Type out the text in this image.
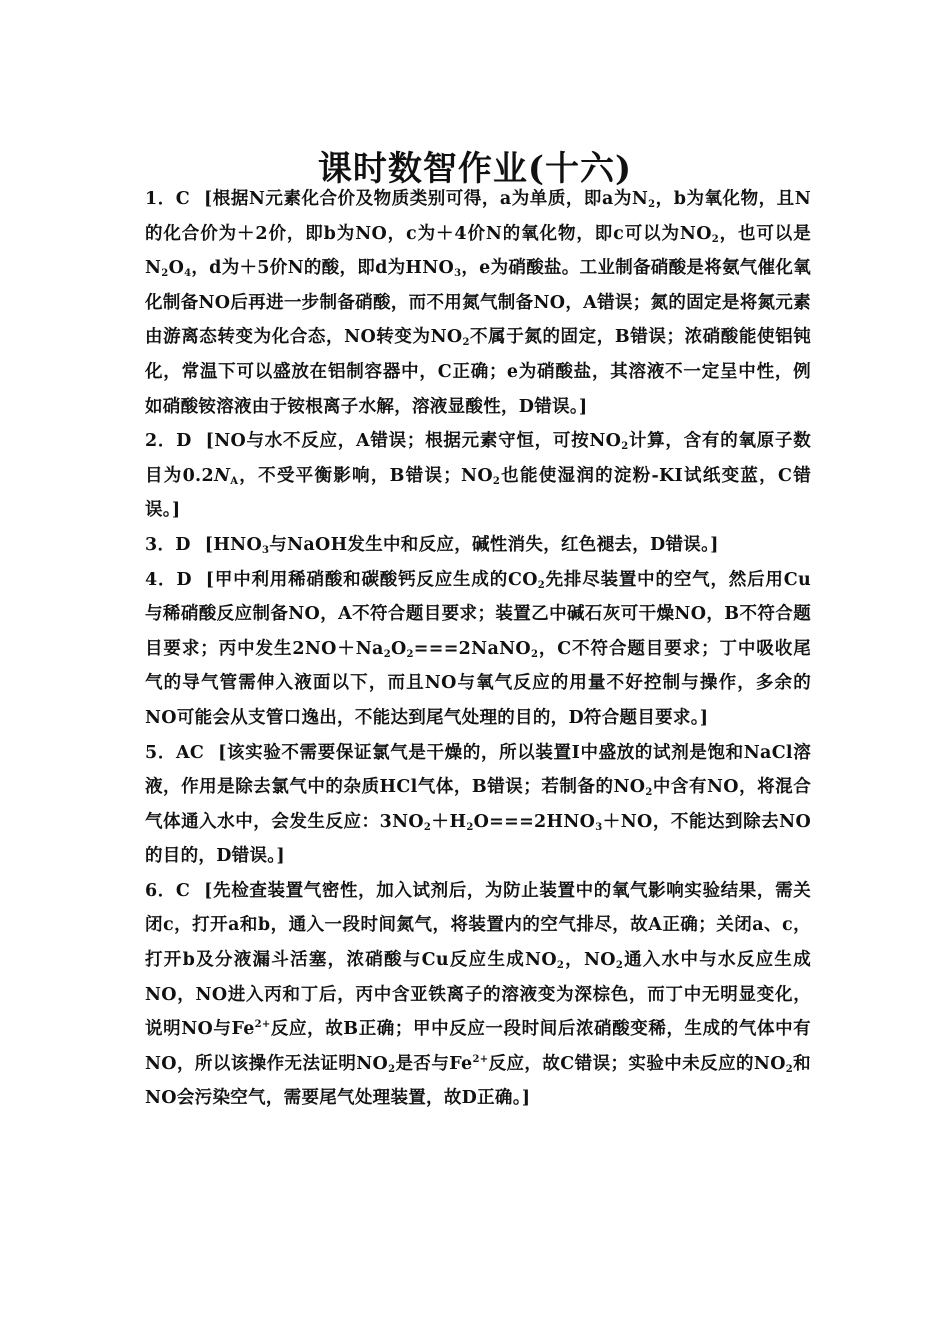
课时数智作业(十六)

1．C [根据N元素化合价及物质类别可得，a为单质，即a为$N_2$，b为氧化物，且N的化合价为＋2价，即b为NO，c为＋4价N的氧化物，即c可以为$NO_2$，也可以是$N_2O_4$，d为＋5价N的酸，即d为$HNO_3$，e为硝酸盐。工业制备硝酸是将氨气催化氧化制备NO后再进一步制备硝酸，而不用氮气制备NO，A错误；氮的固定是将氮元素由游离态转变为化合态，NO转变为$NO_2$不属于氮的固定，B错误；浓硝酸能使铝钝化，常温下可以盛放在铝制容器中，C正确；e为硝酸盐，其溶液不一定呈中性，例如硝酸铵溶液由于铵根离子水解，溶液显酸性，D错误。]

2．D [NO与水不反应，A错误；根据元素守恒，可按$NO_2$计算，含有的氧原子数目为$0.2N_A$，不受平衡影响，B错误；$NO_2$也能使湿润的淀粉-KI试纸变蓝，C错误。]

3．D [$HNO_3$与NaOH发生中和反应，碱性消失，红色褪去，D错误。]

4．D [甲中利用稀硝酸和碳酸钙反应生成的$CO_2$先排尽装置中的空气，然后用Cu与稀硝酸反应制备NO，A不符合题目要求；装置乙中碱石灰可干燥NO，B不符合题目要求；丙中发生$2NO+Na_2O_2===2NaNO_2$，C不符合题目要求；丁中吸收尾气的导气管需伸入液面以下，而且NO与氧气反应的用量不好控制与操作，多余的NO可能会从支管口逸出，不能达到尾气处理的目的，D符合题目要求。]

5．AC [该实验不需要保证氯气是干燥的，所以装置Ⅰ中盛放的试剂是饱和NaCl溶液，作用是除去氯气中的杂质HCl气体，B错误；若制备的$NO_2$中含有NO，将混合气体通入水中，会发生反应：$3NO_2+H_2O===2HNO_3+NO$，不能达到除去NO的目的，D错误。]

6．C [先检查装置气密性，加入试剂后，为防止装置中的氧气影响实验结果，需关闭c，打开a和b，通入一段时间氮气，将装置内的空气排尽，故A正确；关闭a、c，打开b及分液漏斗活塞，浓硝酸与Cu反应生成$NO_2$，$NO_2$通入水中与水反应生成NO，NO进入丙和丁后，丙中含亚铁离子的溶液变为深棕色，而丁中无明显变化，说明NO与$Fe^{2+}$反应，故B正确；甲中反应一段时间后浓硝酸变稀，生成的气体中有NO，所以该操作无法证明$NO_2$是否与$Fe^{2+}$反应，故C错误；实验中未反应的$NO_2$和NO会污染空气，需要尾气处理装置，故D正确。]
